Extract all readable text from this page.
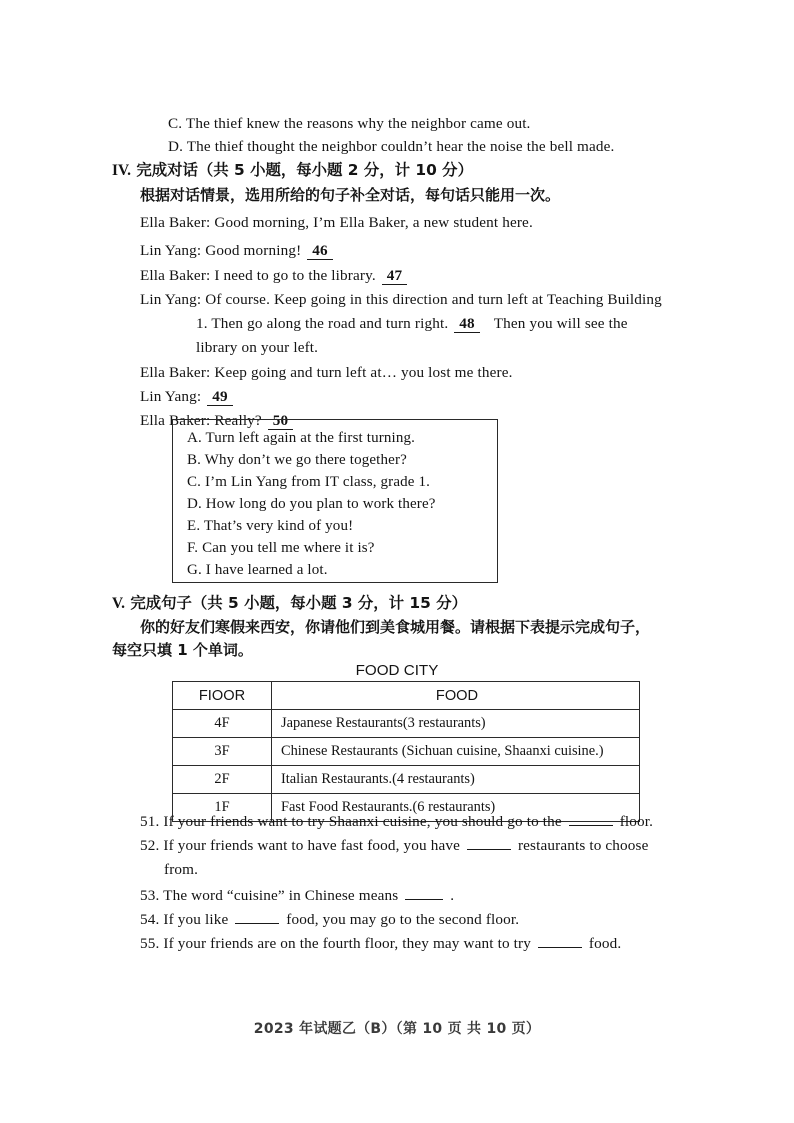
C. The thief knew the reasons why the neighbor came out.
D. The thief thought the neighbor couldn’t hear the noise the bell made.
IV. 完成对话（共 5 小题，每小题 2 分，计 10 分）
根据对话情景，选用所给的句子补全对话，每句话只能用一次。
Ella Baker: Good morning, I’m Ella Baker, a new student here.
Lin Yang: Good morning! 46
Ella Baker: I need to go to the library. 47
Lin Yang: Of course. Keep going in this direction and turn left at Teaching Building
1. Then go along the road and turn right. 48 Then you will see the
library on your left.
Ella Baker: Keep going and turn left at… you lost me there.
Lin Yang: 49
Ella Baker: Really? 50
A. Turn left again at the first turning.
B. Why don’t we go there together?
C. I’m Lin Yang from IT class, grade 1.
D. How long do you plan to work there?
E. That’s very kind of you!
F. Can you tell me where it is?
G. I have learned a lot.
V. 完成句子（共 5 小题，每小题 3 分，计 15 分）
你的好友们寒假来西安，你请他们到美食城用餐。请根据下表提示完成句子，
每空只填 1 个单词。
FOOD CITY
FIOOR	FOOD
4F	Japanese Restaurants(3 restaurants)
3F	Chinese Restaurants (Sichuan cuisine, Shaanxi cuisine.)
2F	Italian Restaurants.(4 restaurants)
1F	Fast Food Restaurants.(6 restaurants)
51. If your friends want to try Shaanxi cuisine, you should go to the	floor.
52. If your friends want to have fast food, you have	restaurants to choose
from.
53. The word “cuisine” in Chinese means	.
54. If you like	food, you may go to the second floor.
55. If your friends are on the fourth floor, they may want to try	food.
2023 年试题乙（B）（第 10 页 共 10 页）
